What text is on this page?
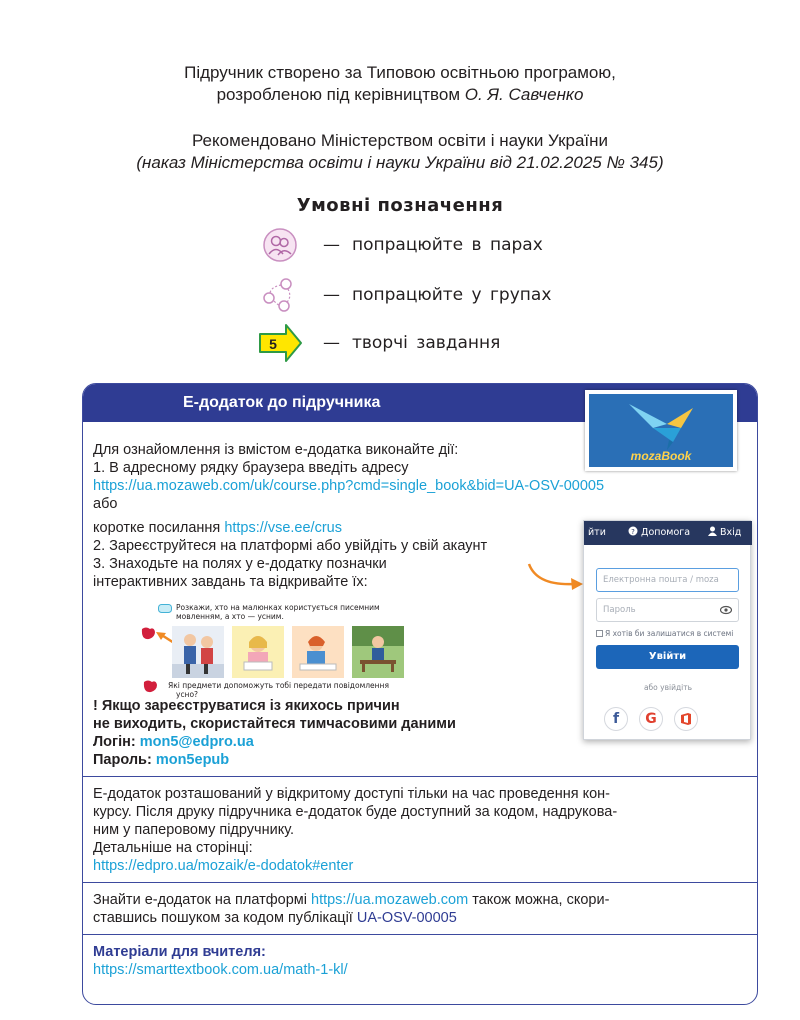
Підручник створено за Типовою освітньою програмою,
розробленою під керівництвом О. Я. Савченко
Рекомендовано Міністерством освіти і науки України
(наказ Міністерства освіти і науки України від 21.02.2025 № 345)
Умовні позначення
— попрацюйте в парах
— попрацюйте у групах
5	— творчі завдання
Е-додаток до підручника
Для ознайомлення із вмістом е-додатка виконайте дії:
1. В адресному рядку браузера введіть адресу
https://ua.mozaweb.com/uk/course.php?cmd=single_book&bid=UA-OSV-00005
або
коротке посилання https://vse.ee/crus
2. Зареєструйтеся на платформі або увійдіть у свій акаунт
3. Знаходьте на полях у е-додатку позначки
інтерактивних завдань та відкривайте їх:
! Якщо зареєструватися із якихось причин
не виходить, скористайтеся тимчасовими даними
Логін: mon5@edpro.ua
Пароль: mon5epub
Е-додаток розташований у відкритому доступі тільки на час проведення кон-
курсу. Після друку підручника е-додаток буде доступний за кодом, надрукова-
ним у паперовому підручнику.
Детальніше на сторінці:
https://edpro.ua/mozaik/e-dodatok#enter
Знайти е-додаток на платформі https://ua.mozaweb.com також можна, скори-
ставшись пошуком за кодом публікації UA-OSV-00005
Матеріали для вчителя:
https://smarttextbook.com.ua/math-1-kl/
Розкажи, хто на малюнках користується писемним
мовленням, а хто — усним.
Які предмети допоможуть тобі передати повідомлення
усно?
mozaBook
йти	? Допомога	Вхід
Електронна пошта / moza
Пароль
Я хотів би залишатися в системі
Увійти
або увійдіть
f	G
